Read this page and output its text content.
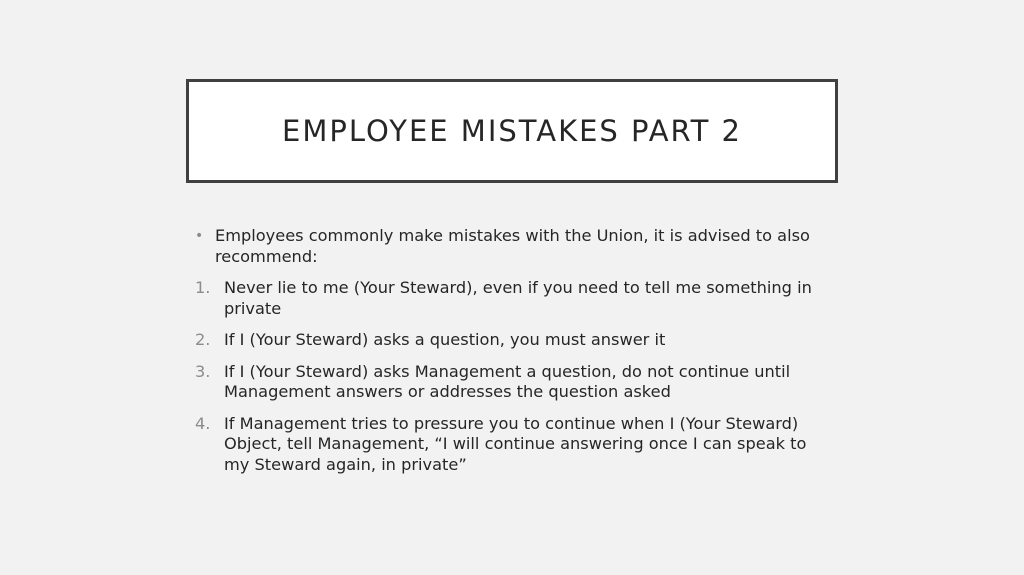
EMPLOYEE MISTAKES PART 2
• Employees commonly make mistakes with the Union, it is advised to also recommend:
1. Never lie to me (Your Steward), even if you need to tell me something in private
2. If I (Your Steward) asks a question, you must answer it
3. If I (Your Steward) asks Management a question, do not continue until Management answers or addresses the question asked
4. If Management tries to pressure you to continue when I (Your Steward) Object, tell Management, “I will continue answering once I can speak to my Steward again, in private”
